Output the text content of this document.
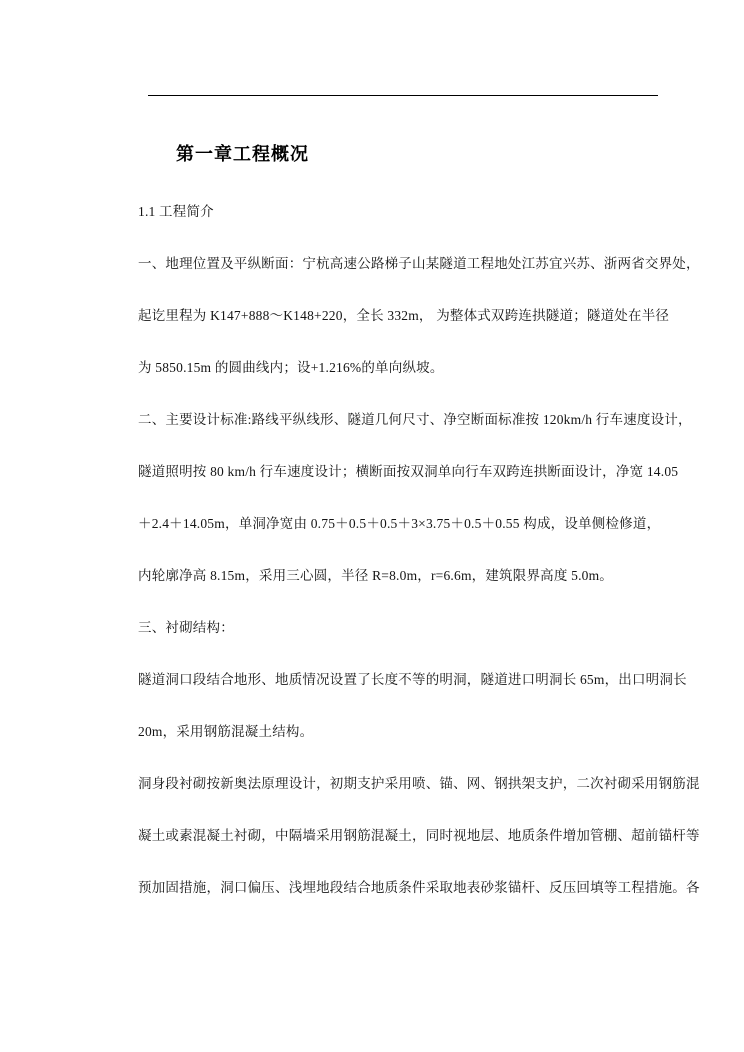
第一章工程概况
1.1 工程简介
一、地理位置及平纵断面：宁杭高速公路梯子山某隧道工程地处江苏宜兴苏、浙两省交界处，
起讫里程为 K147+888～K148+220，全长 332m， 为整体式双跨连拱隧道；隧道处在半径
为 5850.15m 的圆曲线内；设+1.216%的单向纵坡。
二、主要设计标准:路线平纵线形、隧道几何尺寸、净空断面标准按 120km/h 行车速度设计，
隧道照明按 80 km/h 行车速度设计；横断面按双洞单向行车双跨连拱断面设计，净宽 14.05
＋2.4＋14.05m，单洞净宽由 0.75＋0.5＋0.5＋3×3.75＋0.5＋0.55 构成，设单侧检修道，
内轮廓净高 8.15m，采用三心圆，半径 R=8.0m，r=6.6m，建筑限界高度 5.0m。
三、衬砌结构：
隧道洞口段结合地形、地质情况设置了长度不等的明洞，隧道进口明洞长 65m，出口明洞长
20m，采用钢筋混凝土结构。
洞身段衬砌按新奥法原理设计，初期支护采用喷、锚、网、钢拱架支护，二次衬砌采用钢筋混
凝土或素混凝土衬砌，中隔墙采用钢筋混凝土，同时视地层、地质条件增加管棚、超前锚杆等
预加固措施，洞口偏压、浅埋地段结合地质条件采取地表砂浆锚杆、反压回填等工程措施。各
